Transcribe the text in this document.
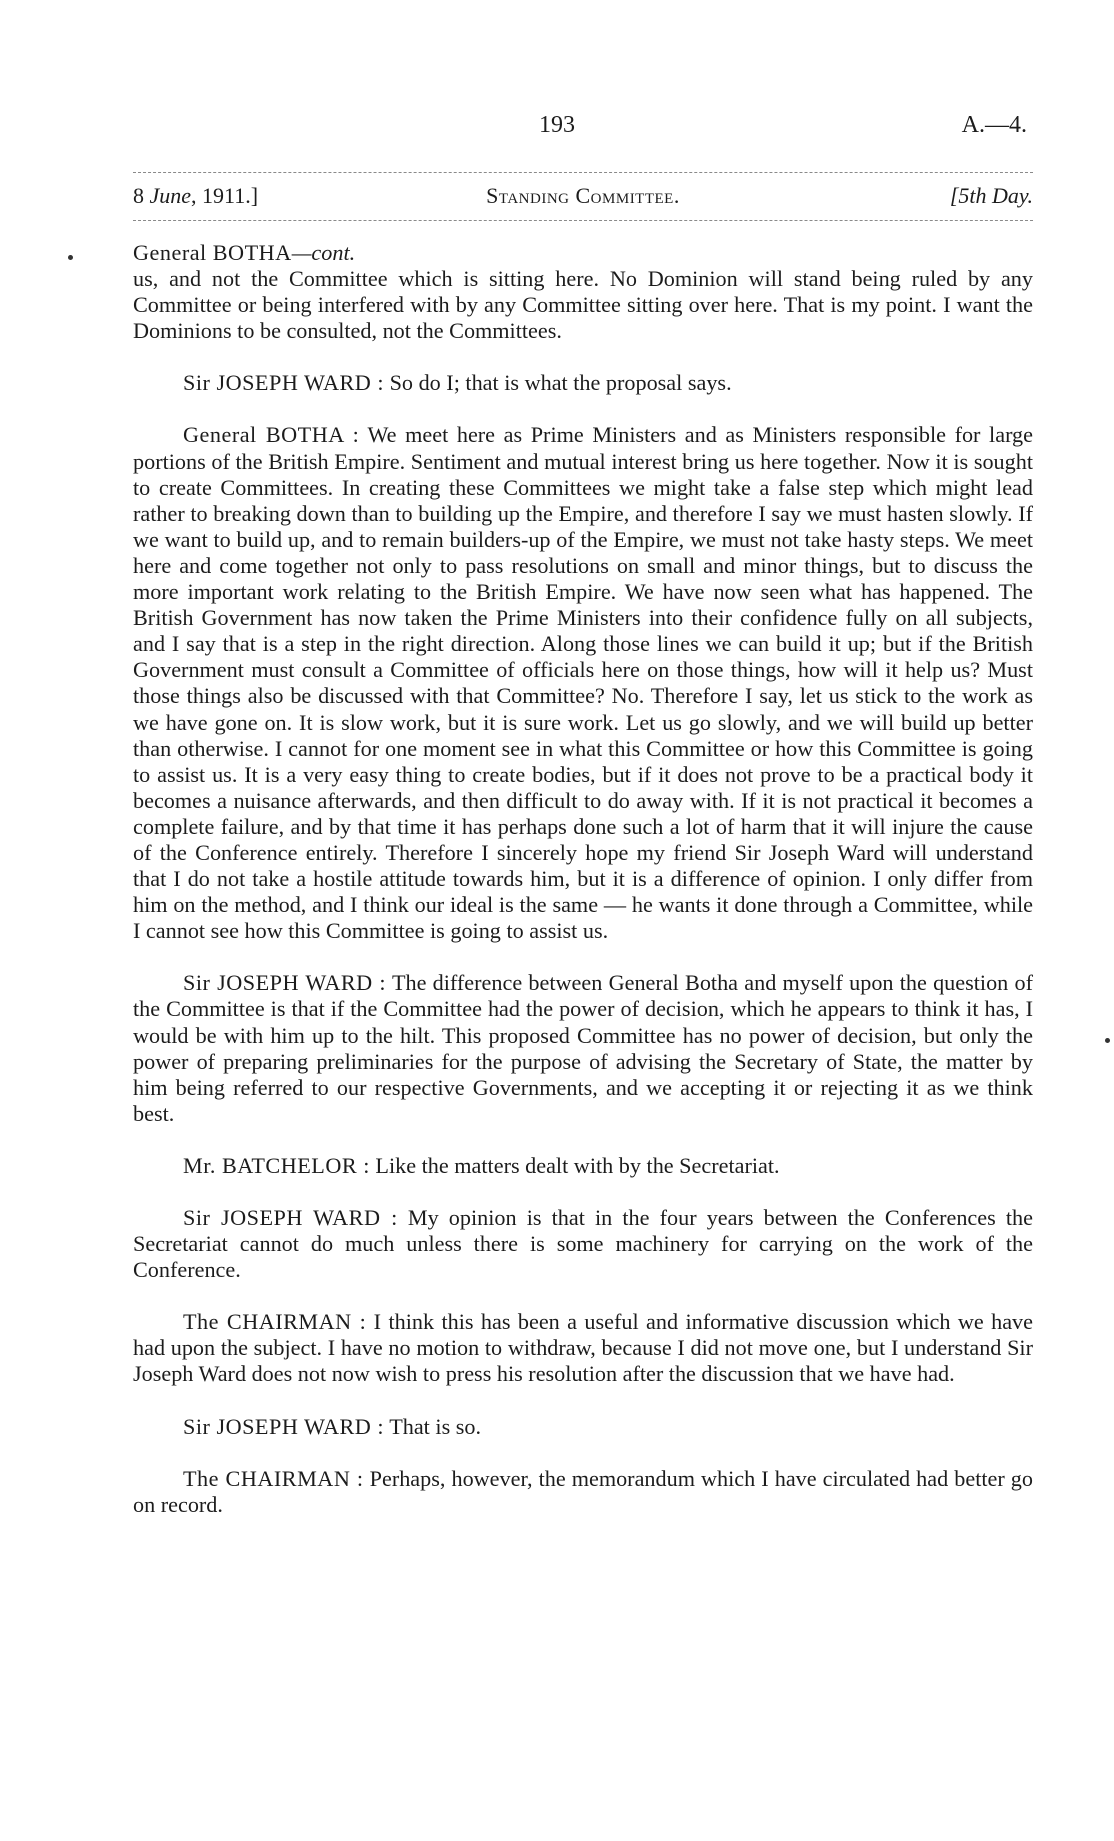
193	A.—4.
8 June, 1911.]	Standing Committee.	[5th Day.

General BOTHA—cont.

us, and not the Committee which is sitting here. No Dominion will stand being ruled by any Committee or being interfered with by any Committee sitting over here. That is my point. I want the Dominions to be consulted, not the Committees.

Sir JOSEPH WARD : So do I; that is what the proposal says.

General BOTHA : We meet here as Prime Ministers and as Ministers responsible for large portions of the British Empire. Sentiment and mutual interest bring us here together. Now it is sought to create Committees. In creating these Committees we might take a false step which might lead rather to breaking down than to building up the Empire, and therefore I say we must hasten slowly. If we want to build up, and to remain builders-up of the Empire, we must not take hasty steps. We meet here and come together not only to pass resolutions on small and minor things, but to discuss the more important work relating to the British Empire. We have now seen what has happened. The British Government has now taken the Prime Ministers into their confidence fully on all subjects, and I say that is a step in the right direction. Along those lines we can build it up; but if the British Government must consult a Committee of officials here on those things, how will it help us? Must those things also be discussed with that Committee? No. Therefore I say, let us stick to the work as we have gone on. It is slow work, but it is sure work. Let us go slowly, and we will build up better than otherwise. I cannot for one moment see in what this Committee or how this Committee is going to assist us. It is a very easy thing to create bodies, but if it does not prove to be a practical body it becomes a nuisance afterwards, and then difficult to do away with. If it is not practical it becomes a complete failure, and by that time it has perhaps done such a lot of harm that it will injure the cause of the Conference entirely. Therefore I sincerely hope my friend Sir Joseph Ward will understand that I do not take a hostile attitude towards him, but it is a difference of opinion. I only differ from him on the method, and I think our ideal is the same — he wants it done through a Committee, while I cannot see how this Committee is going to assist us.

Sir JOSEPH WARD : The difference between General Botha and myself upon the question of the Committee is that if the Committee had the power of decision, which he appears to think it has, I would be with him up to the hilt. This proposed Committee has no power of decision, but only the power of preparing preliminaries for the purpose of advising the Secretary of State, the matter by him being referred to our respective Governments, and we accepting it or rejecting it as we think best.

Mr. BATCHELOR : Like the matters dealt with by the Secretariat.

Sir JOSEPH WARD : My opinion is that in the four years between the Conferences the Secretariat cannot do much unless there is some machinery for carrying on the work of the Conference.

The CHAIRMAN : I think this has been a useful and informative discussion which we have had upon the subject. I have no motion to withdraw, because I did not move one, but I understand Sir Joseph Ward does not now wish to press his resolution after the discussion that we have had.

Sir JOSEPH WARD : That is so.

The CHAIRMAN : Perhaps, however, the memorandum which I have circulated had better go on record.
